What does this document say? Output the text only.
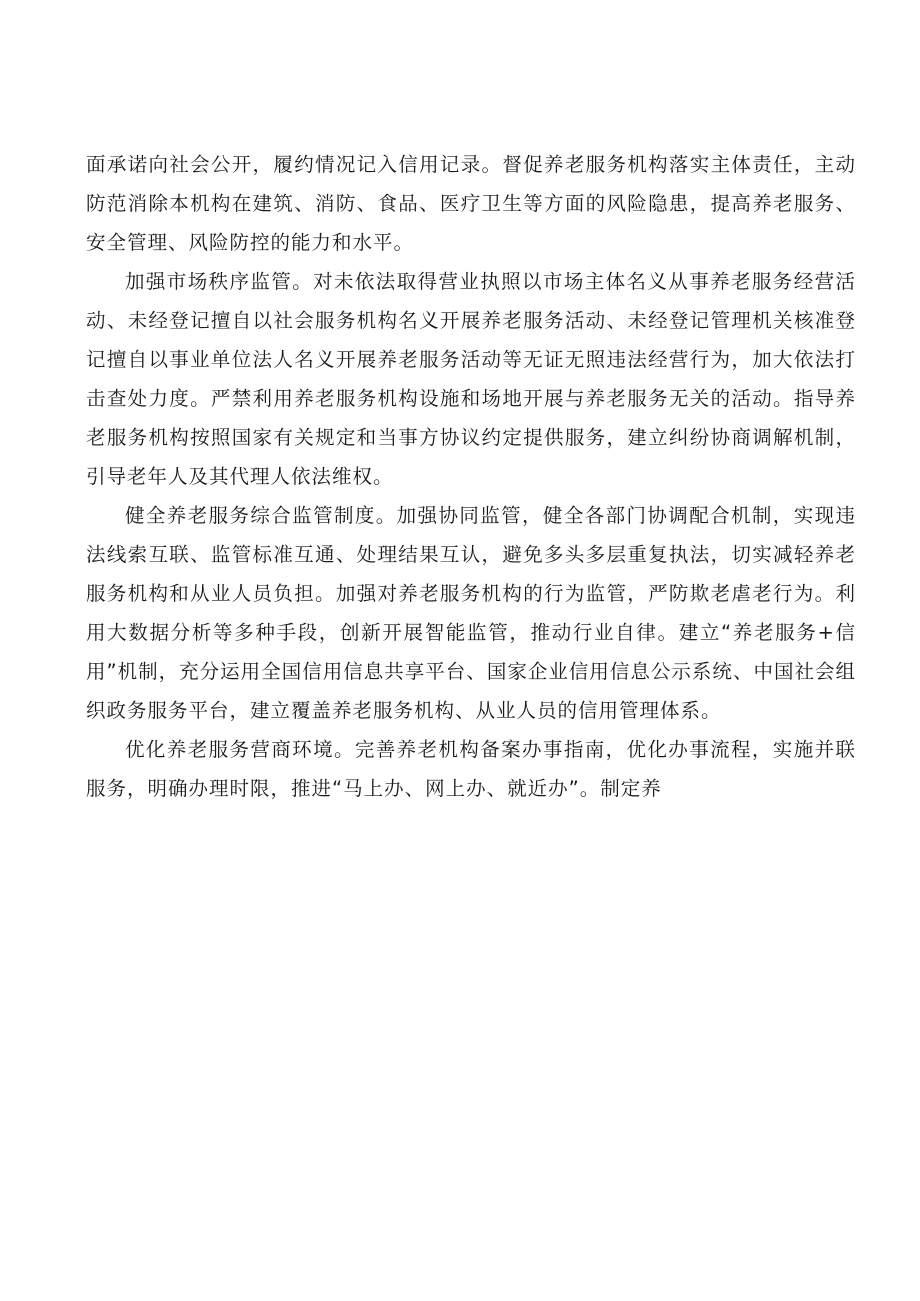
面承诺向社会公开，履约情况记入信用记录。督促养老服务机构落实主体责任，主动防范消除本机构在建筑、消防、食品、医疗卫生等方面的风险隐患，提高养老服务、安全管理、风险防控的能力和水平。

加强市场秩序监管。对未依法取得营业执照以市场主体名义从事养老服务经营活动、未经登记擅自以社会服务机构名义开展养老服务活动、未经登记管理机关核准登记擅自以事业单位法人名义开展养老服务活动等无证无照违法经营行为，加大依法打击查处力度。严禁利用养老服务机构设施和场地开展与养老服务无关的活动。指导养老服务机构按照国家有关规定和当事方协议约定提供服务，建立纠纷协商调解机制，引导老年人及其代理人依法维权。

健全养老服务综合监管制度。加强协同监管，健全各部门协调配合机制，实现违法线索互联、监管标准互通、处理结果互认，避免多头多层重复执法，切实减轻养老服务机构和从业人员负担。加强对养老服务机构的行为监管，严防欺老虐老行为。利用大数据分析等多种手段，创新开展智能监管，推动行业自律。建立“养老服务+信用”机制，充分运用全国信用信息共享平台、国家企业信用信息公示系统、中国社会组织政务服务平台，建立覆盖养老服务机构、从业人员的信用管理体系。

优化养老服务营商环境。完善养老机构备案办事指南，优化办事流程，实施并联服务，明确办理时限，推进“马上办、网上办、就近办”。制定养
